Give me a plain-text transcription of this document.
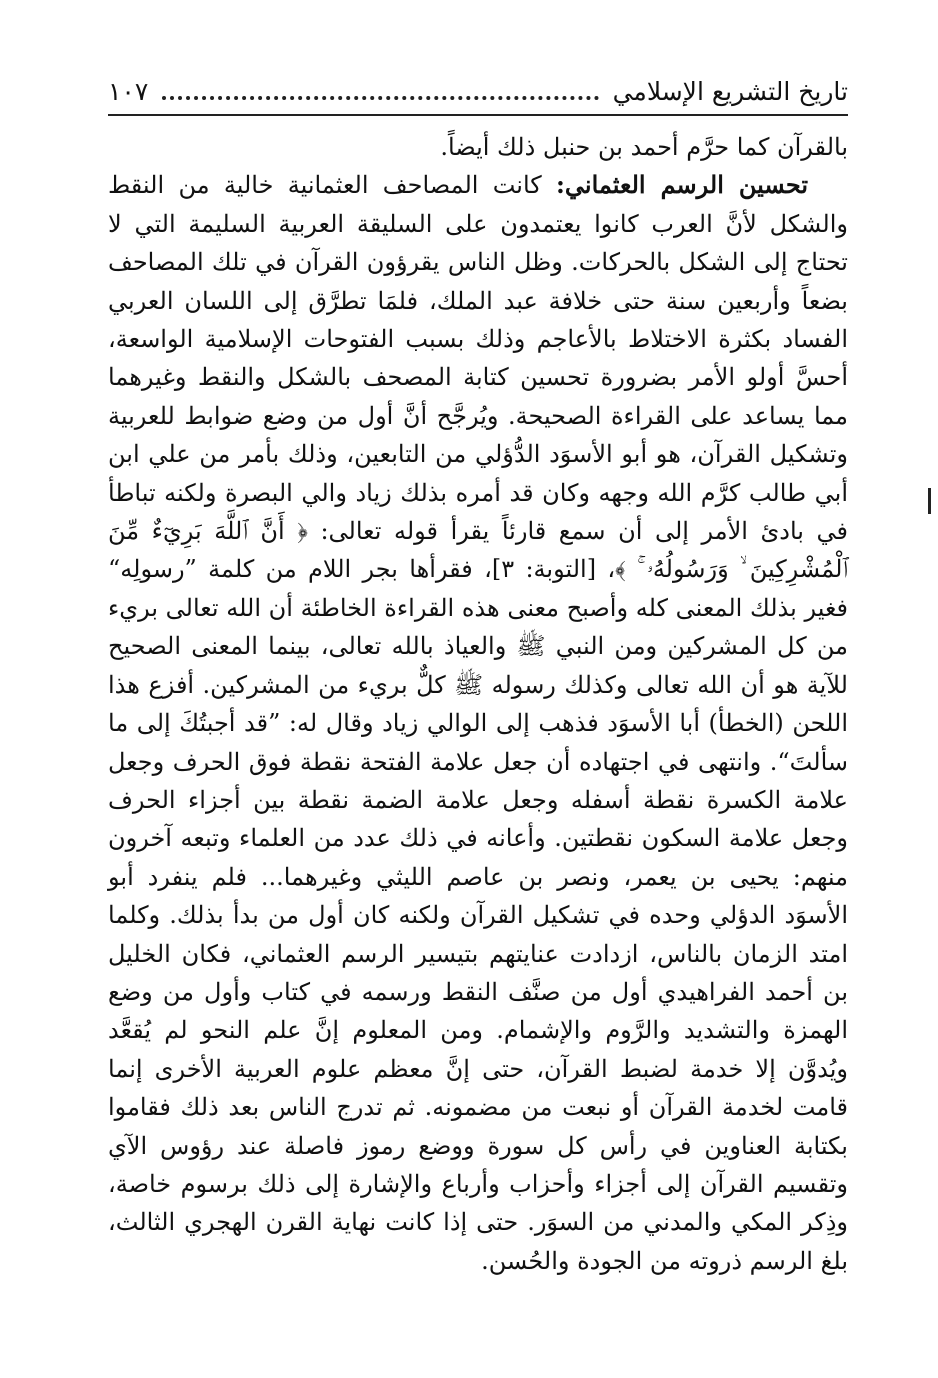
تاريخ التشريع الإسلامي
١٠٧

بالقرآن كما حرَّم أحمد بن حنبل ذلك أيضاً.

تحسين الرسم العثماني: كانت المصاحف العثمانية خالية من النقط والشكل لأنَّ العرب كانوا يعتمدون على السليقة العربية السليمة التي لا تحتاج إلى الشكل بالحركات. وظل الناس يقرؤون القرآن في تلك المصاحف بضعاً وأربعين سنة حتى خلافة عبد الملك، فلمَا تطرَّق إلى اللسان العربي الفساد بكثرة الاختلاط بالأعاجم وذلك بسبب الفتوحات الإسلامية الواسعة، أحسَّ أولو الأمر بضرورة تحسين كتابة المصحف بالشكل والنقط وغيرهما مما يساعد على القراءة الصحيحة. ويُرجَّح أنَّ أول من وضع ضوابط للعربية وتشكيل القرآن، هو أبو الأسوَد الدُّؤلي من التابعين، وذلك بأمر من علي ابن أبي طالب كرَّم الله وجهه وكان قد أمره بذلك زياد والي البصرة ولكنه تباطأ في بادئ الأمر إلى أن سمع قارئاً يقرأ قوله تعالى: ﴿ أَنَّ ٱللَّهَ بَرِيٓءٌ مِّنَ ٱلْمُشْرِكِينَ ۙ وَرَسُولُهُۥ ۚ ﴾، [التوبة: ٣]، فقرأها بجر اللام من كلمة ”رسولِه“ فغير بذلك المعنى كله وأصبح معنى هذه القراءة الخاطئة أن الله تعالى بريء من كل المشركين ومن النبي ﷺ والعياذ بالله تعالى، بينما المعنى الصحيح للآية هو أن الله تعالى وكذلك رسوله ﷺ كلٌّ بريء من المشركين. أفزع هذا اللحن (الخطأ) أبا الأسوَد فذهب إلى الوالي زياد وقال له: ”قد أجبتُكَ إلى ما سألتَ“. وانتهى في اجتهاده أن جعل علامة الفتحة نقطة فوق الحرف وجعل علامة الكسرة نقطة أسفله وجعل علامة الضمة نقطة بين أجزاء الحرف وجعل علامة السكون نقطتين. وأعانه في ذلك عدد من العلماء وتبعه آخرون منهم: يحيى بن يعمر، ونصر بن عاصم الليثي وغيرهما... فلم ينفرد أبو الأسوَد الدؤلي وحده في تشكيل القرآن ولكنه كان أول من بدأ بذلك. وكلما امتد الزمان بالناس، ازدادت عنايتهم بتيسير الرسم العثماني، فكان الخليل بن أحمد الفراهيدي أول من صنَّف النقط ورسمه في كتاب وأول من وضع الهمزة والتشديد والرَّوم والإشمام. ومن المعلوم إنَّ علم النحو لم يُقعَّد ويُدوَّن إلا خدمة لضبط القرآن، حتى إنَّ معظم علوم العربية الأخرى إنما قامت لخدمة القرآن أو نبعت من مضمونه. ثم تدرج الناس بعد ذلك فقاموا بكتابة العناوين في رأس كل سورة ووضع رموز فاصلة عند رؤوس الآي وتقسيم القرآن إلى أجزاء وأحزاب وأرباع والإشارة إلى ذلك برسوم خاصة، وذِكر المكي والمدني من السوَر. حتى إذا كانت نهاية القرن الهجري الثالث، بلغ الرسم ذروته من الجودة والحُسن.
